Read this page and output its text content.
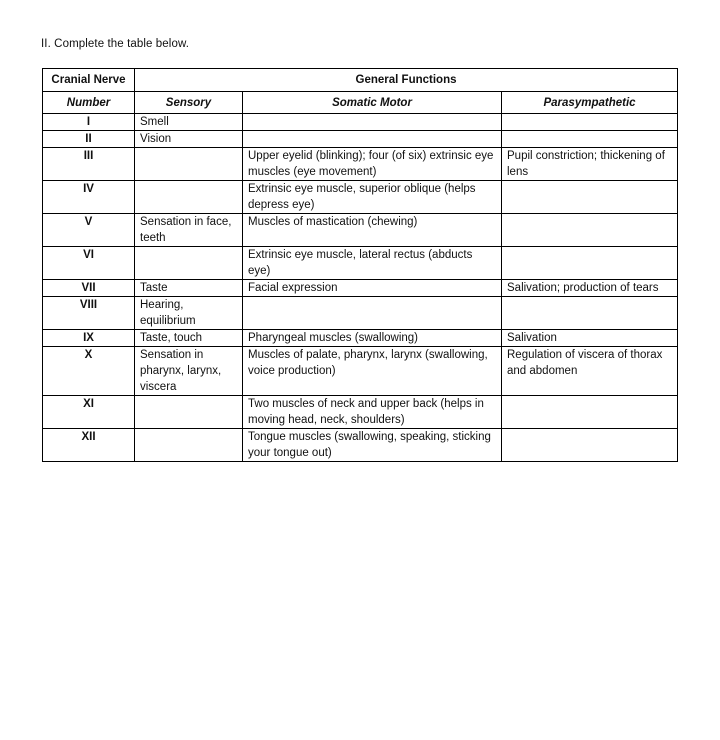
II. Complete the table below.
Cranial Nerve	General Functions		
Number	Sensory	Somatic Motor	Parasympathetic
I	Smell		
II	Vision		
III		Upper eyelid (blinking); four (of six) extrinsic eye muscles (eye movement)	Pupil constriction; thickening of lens
IV		Extrinsic eye muscle, superior oblique (helps depress eye)	
V	Sensation in face, teeth	Muscles of mastication (chewing)	
VI		Extrinsic eye muscle, lateral rectus (abducts eye)	
VII	Taste	Facial expression	Salivation; production of tears
VIII	Hearing, equilibrium		
IX	Taste, touch	Pharyngeal muscles (swallowing)	Salivation
X	Sensation in pharynx, larynx, viscera	Muscles of palate, pharynx, larynx (swallowing, voice production)	Regulation of viscera of thorax and abdomen
XI		Two muscles of neck and upper back (helps in moving head, neck, shoulders)	
XII		Tongue muscles (swallowing, speaking, sticking your tongue out)	
